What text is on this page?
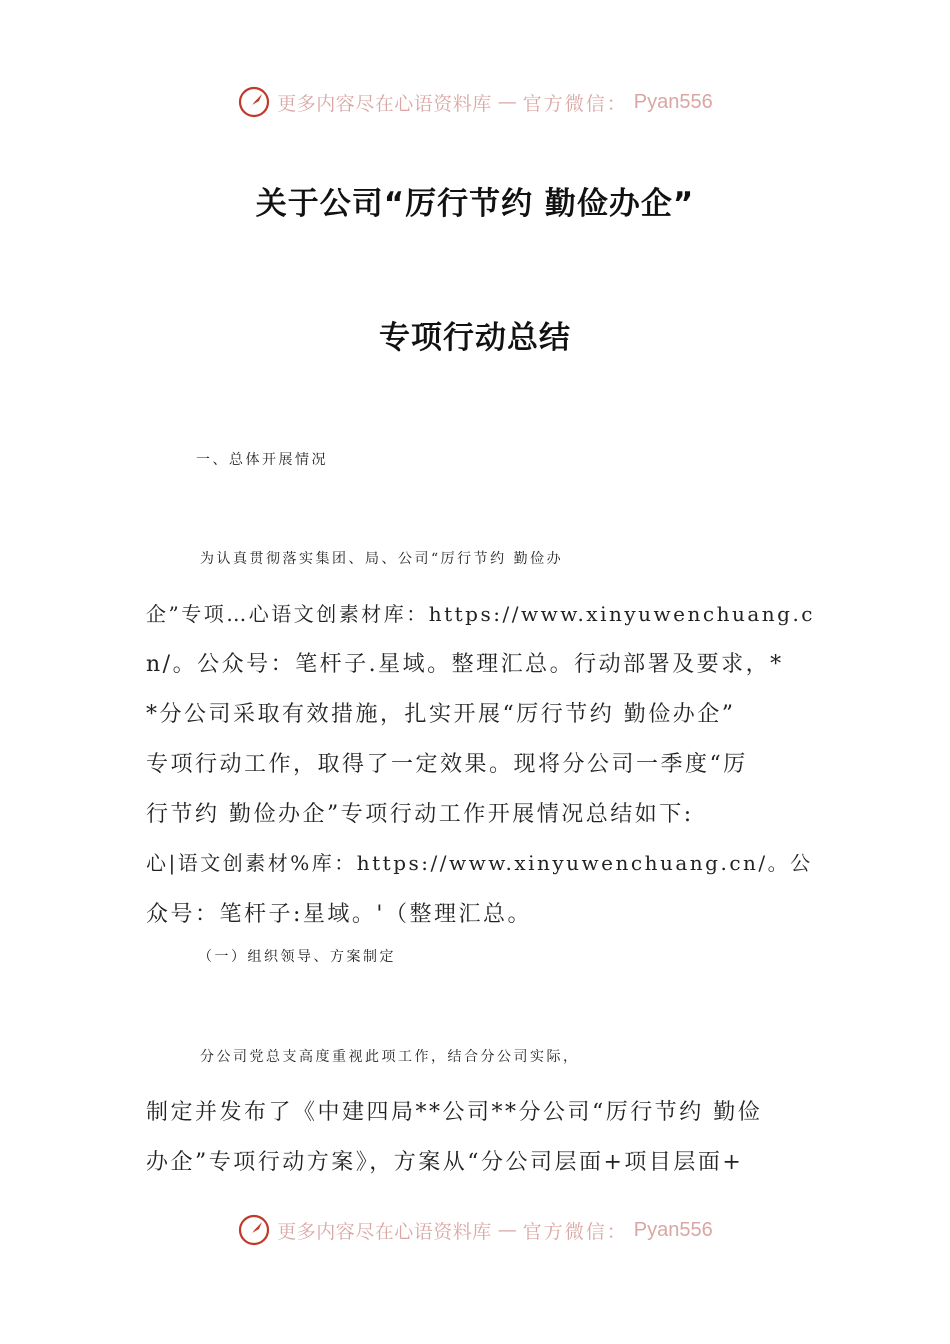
更多内容尽在心语资料库 — 官方微信： Pyan556
关于公司“厉行节约 勤俭办企”
专项行动总结
一、总体开展情况
为认真贯彻落实集团、局、公司“厉行节约 勤俭办
企”专项…心语文创素材库：https://www.xinyuwenchuang.c
n/。公众号：笔杆子.星域。整理汇总。行动部署及要求，*
*分公司采取有效措施，扎实开展“厉行节约 勤俭办企”
专项行动工作，取得了一定效果。现将分公司一季度“厉
行节约 勤俭办企”专项行动工作开展情况总结如下:
心|语文创素材%库：https://www.xinyuwenchuang.cn/。公
众号：笔杆子:星域。'（整理汇总。
（一）组织领导、方案制定
分公司党总支高度重视此项工作，结合分公司实际，
制定并发布了《中建四局**公司**分公司“厉行节约 勤俭
办企”专项行动方案》，方案从“分公司层面+项目层面+
更多内容尽在心语资料库 — 官方微信： Pyan556
